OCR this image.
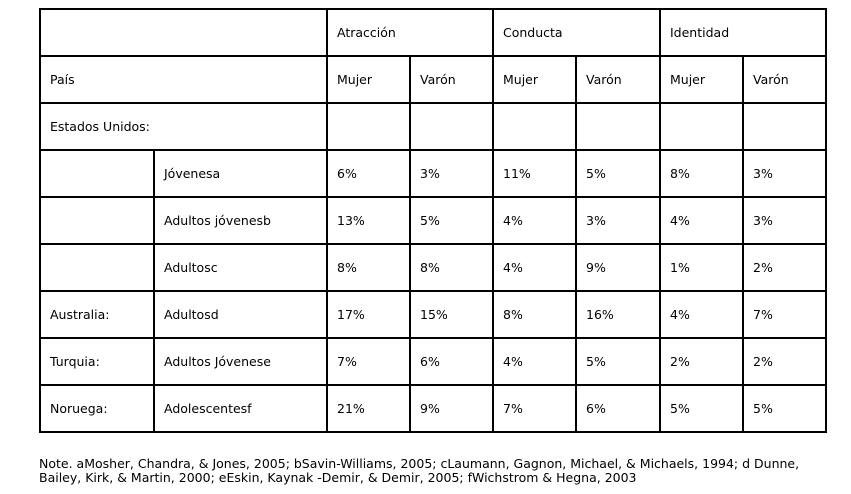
		Atracción		Conducta		Identidad	
País		Mujer	Varón	Mujer	Varón	Mujer	Varón
Estados Unidos:							
	Jóvenesa	6%	3%	11%	5%	8%	3%
	Adultos jóvenesb	13%	5%	4%	3%	4%	3%
	Adultosc	8%	8%	4%	9%	1%	2%
Australia:	Adultosd	17%	15%	8%	16%	4%	7%
Turquia:	Adultos Jóvenese	7%	6%	4%	5%	2%	2%
Noruega:	Adolescentesf	21%	9%	7%	6%	5%	5%
Note. aMosher, Chandra, & Jones, 2005; bSavin-Williams, 2005; cLaumann, Gagnon, Michael, & Michaels, 1994; d Dunne,
Bailey, Kirk, & Martin, 2000; eEskin, Kaynak -Demir, & Demir, 2005; fWichstrom & Hegna, 2003
